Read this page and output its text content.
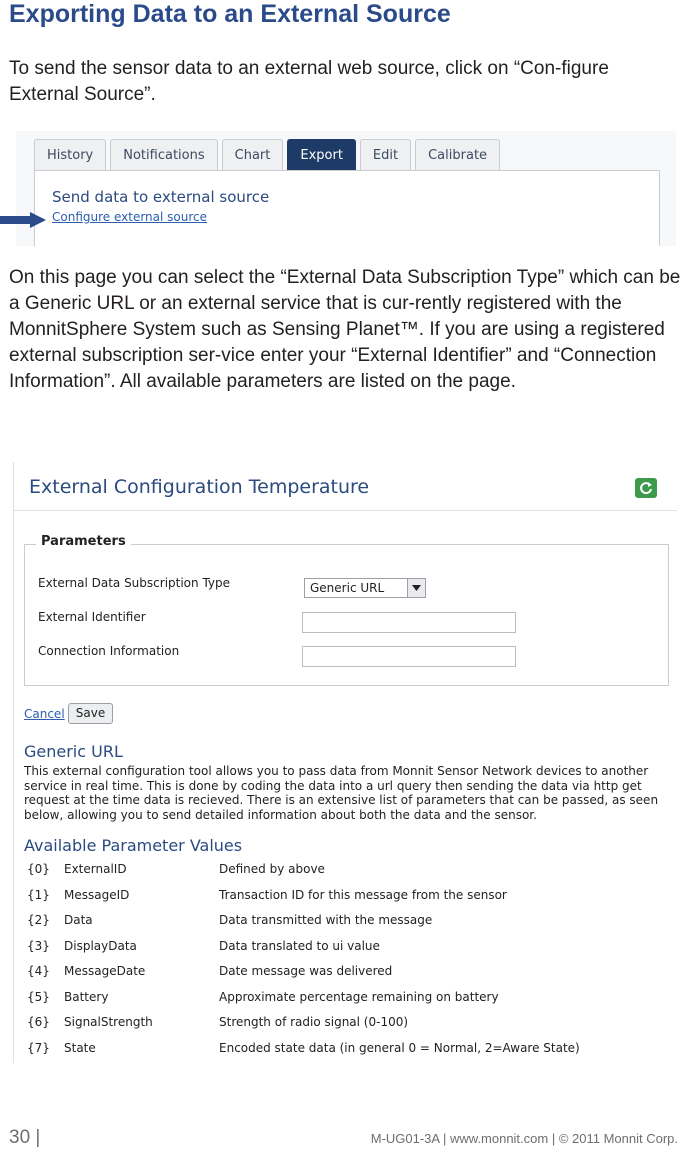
Exporting Data to an External Source

To send the sensor data to an external web source, click on “Con-figure External Source”.

History	Notifications	Chart	Export	Edit	Calibrate
Send data to external source
Configure external source

On this page you can select the “External Data Subscription Type” which can be a Generic URL or an external service that is cur-rently registered with the MonnitSphere System such as Sensing Planet™. If you are using a registered external subscription ser-vice enter your “External Identifier” and “Connection Information”. All available parameters are listed on the page.

External Configuration Temperature
Parameters
External Data Subscription Type	Generic URL
External Identifier
Connection Information
Cancel Save
Generic URL

This external configuration tool allows you to pass data from Monnit Sensor Network devices to another service in real time. This is done by coding the data into a url query then sending the data via http get request at the time data is recieved. There is an extensive list of parameters that can be passed, as seen below, allowing you to send detailed information about both the data and the sensor.

Available Parameter Values
{0} ExternalID	Defined by above
{1} MessageID	Transaction ID for this message from the sensor
{2} Data	Data transmitted with the message
{3} DisplayData	Data translated to ui value
{4} MessageDate	Date message was delivered
{5} Battery	Approximate percentage remaining on battery
{6} SignalStrength	Strength of radio signal (0-100)
{7} State	Encoded state data (in general 0 = Normal, 2=Aware State)
30 |	M-UG01-3A | www.monnit.com | © 2011 Monnit Corp.
